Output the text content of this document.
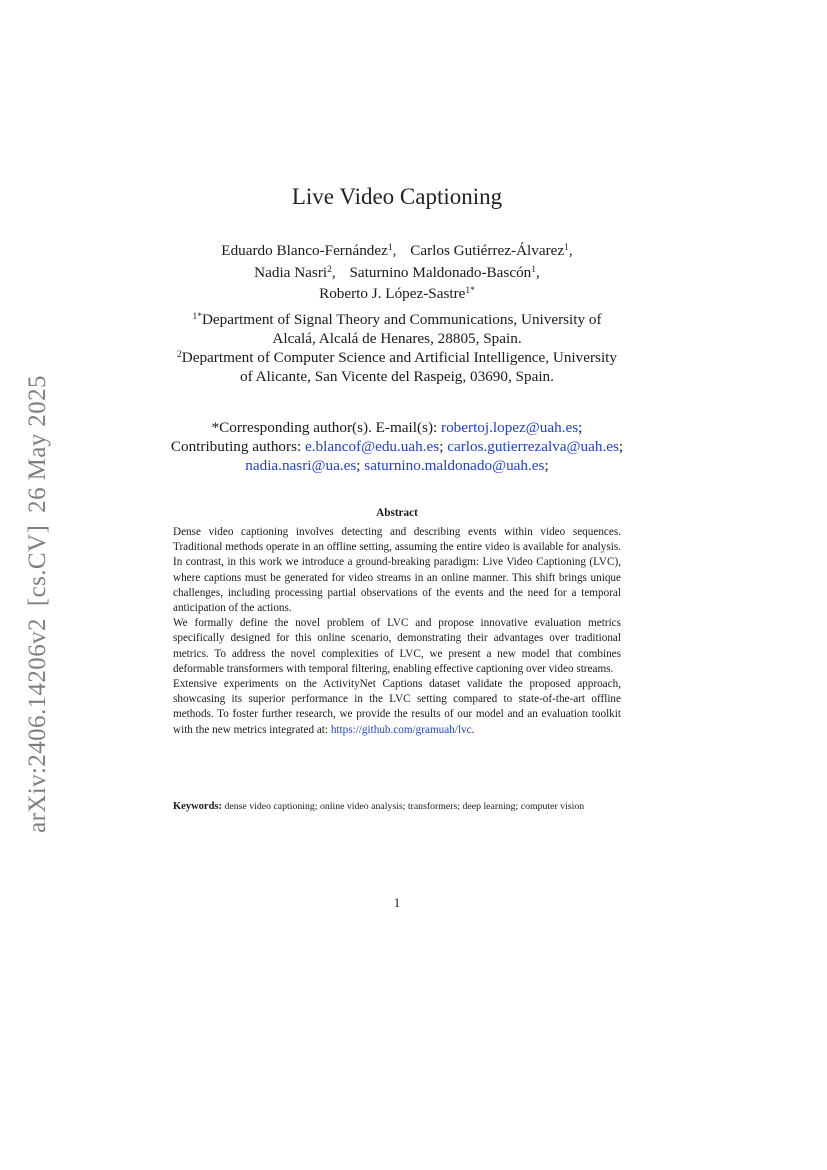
arXiv:2406.14206v2[cs.CV]26 May 2025
Live Video Captioning
Eduardo Blanco-Fernández$^1$, Carlos Gutiérrez-Álvarez$^1$,
Nadia Nasri$^2$, Saturnino Maldonado-Bascón$^1$,
Roberto J. López-Sastre$^{1*}$
$^{1*}$Department of Signal Theory and Communications, University of
Alcalá, Alcalá de Henares, 28805, Spain.
$^2$Department of Computer Science and Artificial Intelligence, University
of Alicante, San Vicente del Raspeig, 03690, Spain.
*Corresponding author(s). E-mail(s): robertoj.lopez@uah.es;
Contributing authors: e.blancof@edu.uah.es; carlos.gutierrezalva@uah.es;
nadia.nasri@ua.es; saturnino.maldonado@uah.es;
Abstract

Dense video captioning involves detecting and describing events within video sequences. Traditional methods operate in an offline setting, assuming the entire video is available for analysis. In contrast, in this work we introduce a ground-breaking paradigm: Live Video Captioning (LVC), where captions must be generated for video streams in an online manner. This shift brings unique challenges, including processing partial observations of the events and the need for a temporal anticipation of the actions.

We formally define the novel problem of LVC and propose innovative evaluation metrics specifically designed for this online scenario, demonstrating their advantages over traditional metrics. To address the novel complexities of LVC, we present a new model that combines deformable transformers with temporal filtering, enabling effective captioning over video streams.

Extensive experiments on the ActivityNet Captions dataset validate the proposed approach, showcasing its superior performance in the LVC setting compared to state-of-the-art offline methods. To foster further research, we provide the results of our model and an evaluation toolkit with the new metrics integrated at: https://github.com/gramuah/lvc.

Keywords: dense video captioning; online video analysis; transformers; deep learning; computer vision
1
